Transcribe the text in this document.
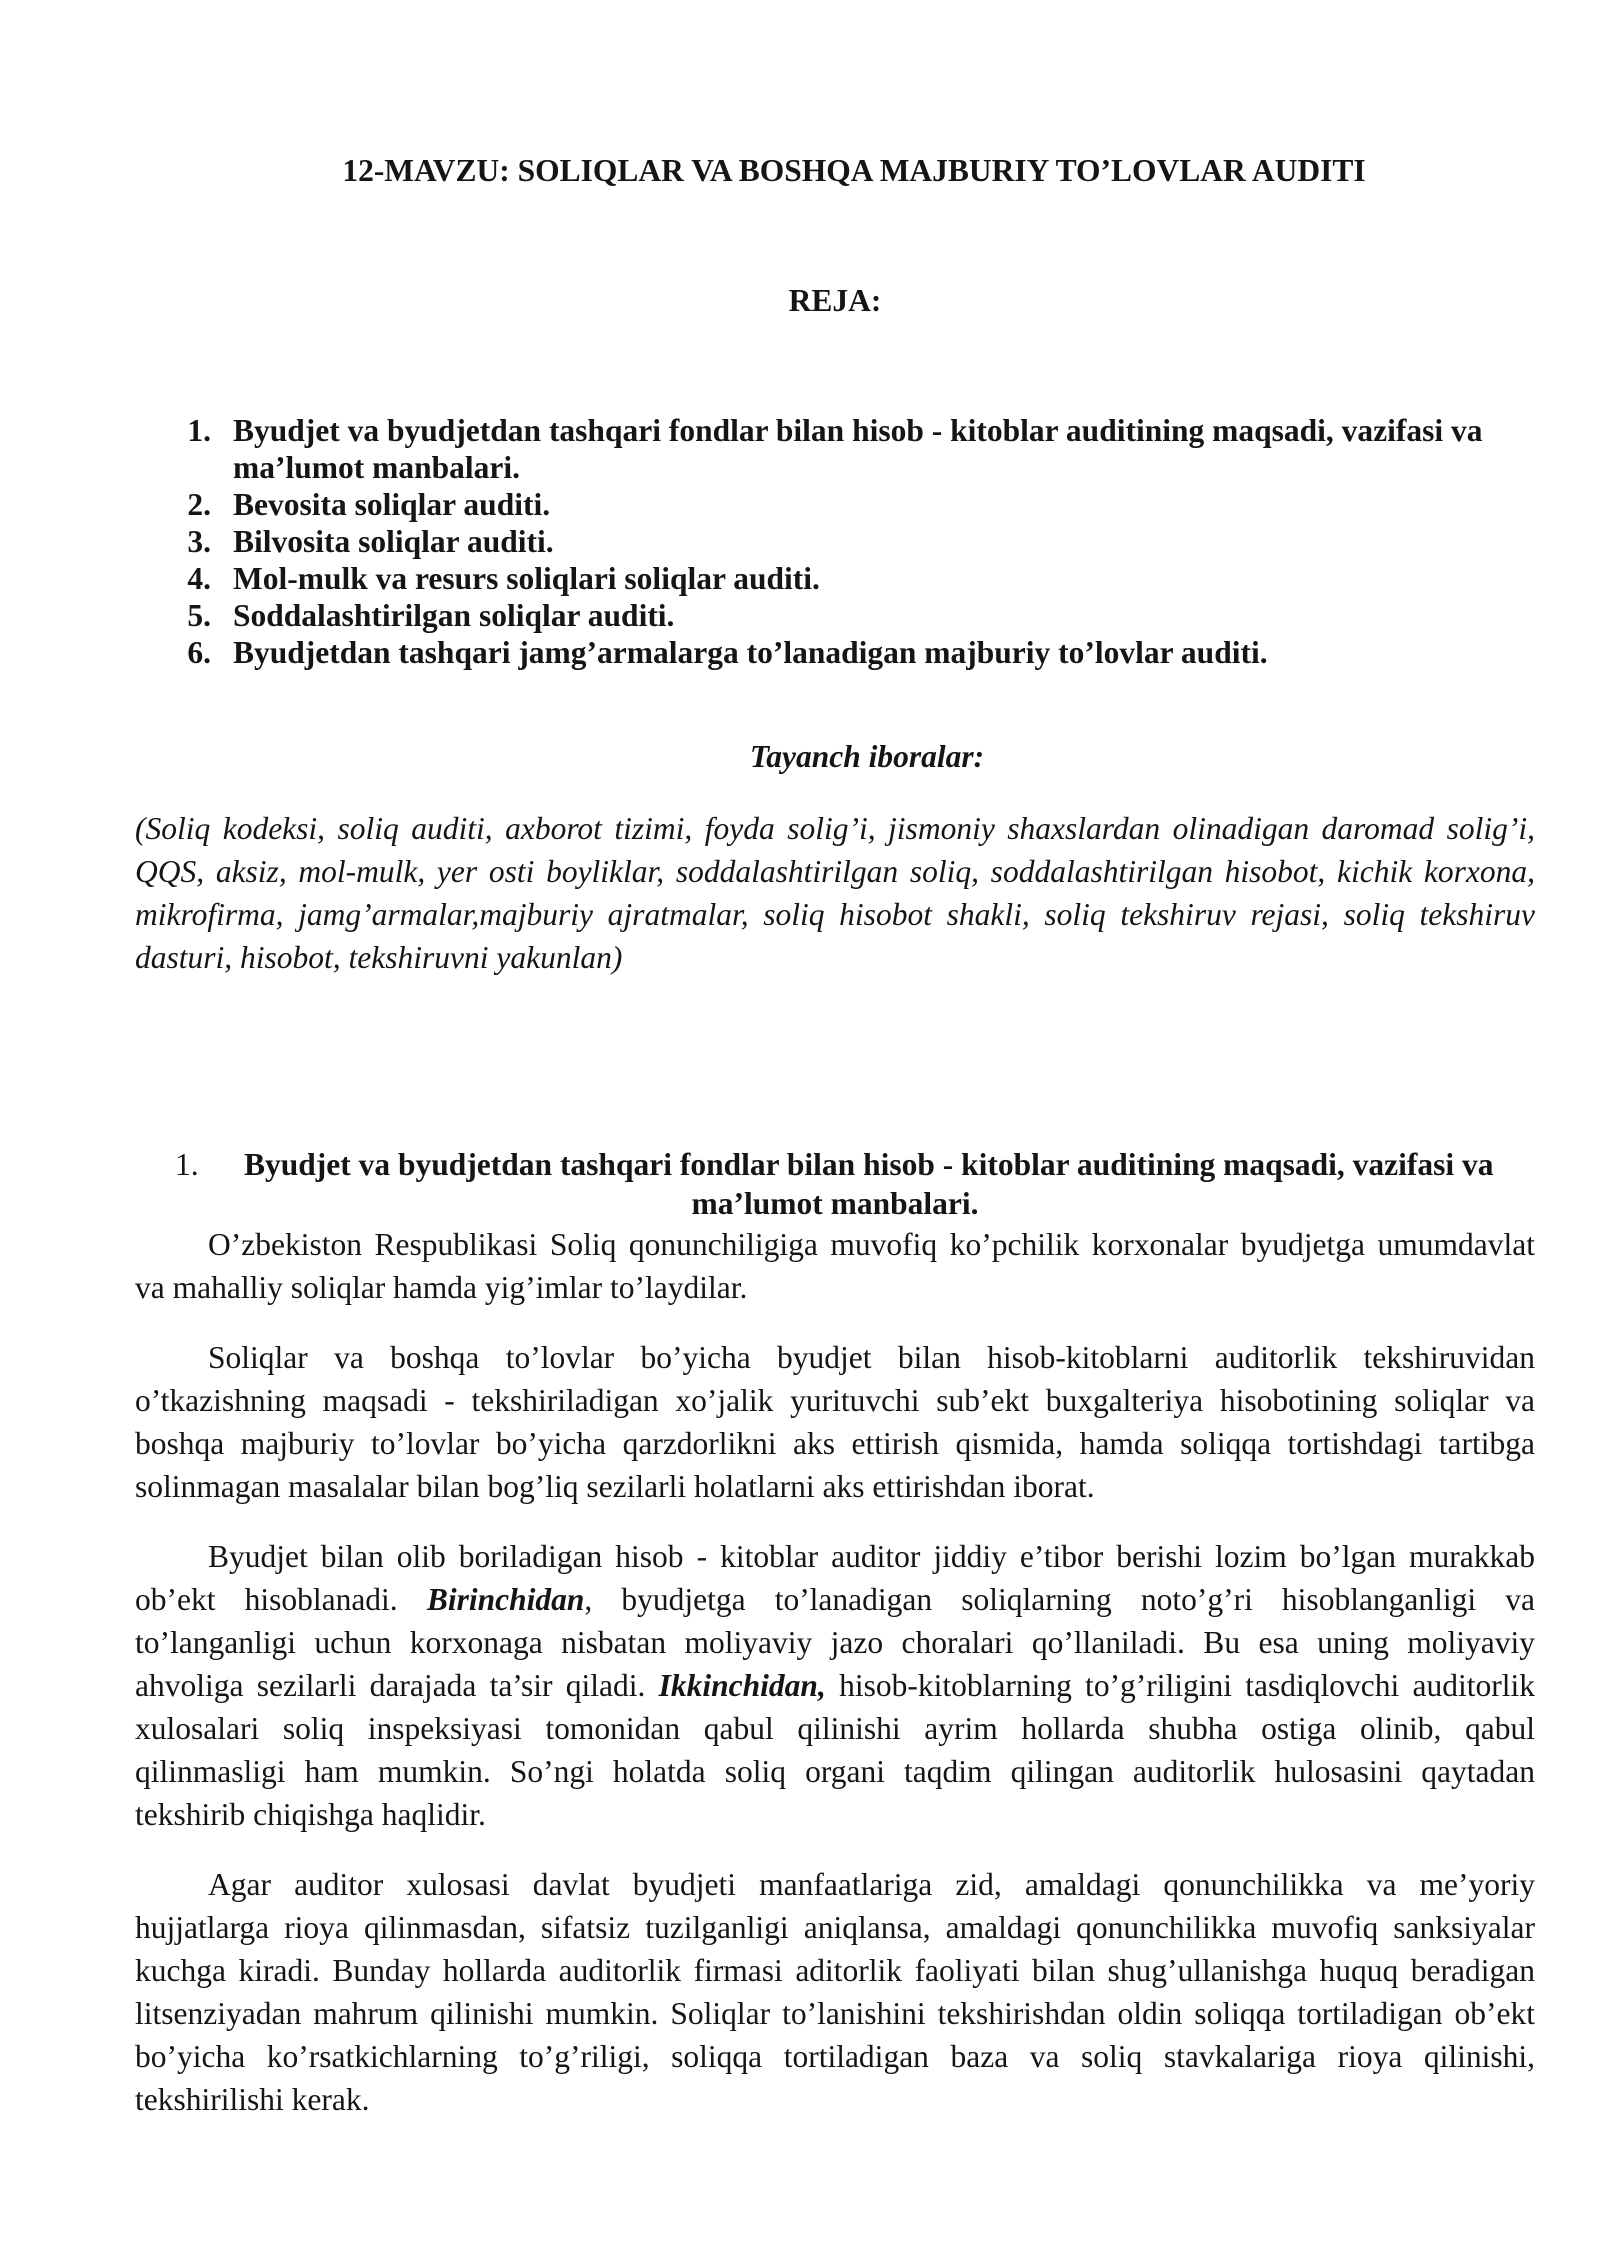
12-MAVZU: SOLIQLAR VA BOSHQA MAJBURIY TO’LOVLAR AUDITI
REJA:
1. Byudjet va byudjetdan tashqari fondlar bilan hisob - kitoblar auditining maqsadi, vazifasi va
ma’lumot manbalari.
2. Bevosita soliqlar auditi.
3. Bilvosita soliqlar auditi.
4. Mol-mulk va resurs soliqlari soliqlar auditi.
5. Soddalashtirilgan soliqlar auditi.
6. Byudjetdan tashqari jamg’armalarga to’lanadigan majburiy to’lovlar auditi.
Tayanch iboralar:
(Soliq kodeksi, soliq auditi, axborot tizimi, foyda solig’i, jismoniy shaxslardan olinadigan daromad solig’i,
QQS, aksiz, mol-mulk, yer osti boyliklar, soddalashtirilgan soliq, soddalashtirilgan hisobot, kichik korxona,
mikrofirma, jamg’armalar,majburiy ajratmalar, soliq hisobot shakli, soliq tekshiruv rejasi, soliq tekshiruv
dasturi, hisobot, tekshiruvni yakunlan)
1. Byudjet va byudjetdan tashqari fondlar bilan hisob - kitoblar auditining maqsadi, vazifasi va
ma’lumot manbalari.
O’zbekiston Respublikasi Soliq qonunchiligiga muvofiq ko’pchilik korxonalar byudjetga umumdavlat
va mahalliy soliqlar hamda yig’imlar to’laydilar.
Soliqlar va boshqa to’lovlar bo’yicha byudjet bilan hisob-kitoblarni auditorlik tekshiruvidan
o’tkazishning maqsadi - tekshiriladigan xo’jalik yurituvchi sub’ekt buxgalteriya hisobotining soliqlar va
boshqa majburiy to’lovlar bo’yicha qarzdorlikni aks ettirish qismida, hamda soliqqa tortishdagi tartibga
solinmagan masalalar bilan bog’liq sezilarli holatlarni aks ettirishdan iborat.
Byudjet bilan olib boriladigan hisob - kitoblar auditor jiddiy e’tibor berishi lozim bo’lgan murakkab
ob’ekt hisoblanadi. Birinchidan, byudjetga to’lanadigan soliqlarning noto’g’ri hisoblanganligi va
to’langanligi uchun korxonaga nisbatan moliyaviy jazo choralari qo’llaniladi. Bu esa uning moliyaviy
ahvoliga sezilarli darajada ta’sir qiladi. Ikkinchidan, hisob-kitoblarning to’g’riligini tasdiqlovchi auditorlik
xulosalari soliq inspeksiyasi tomonidan qabul qilinishi ayrim hollarda shubha ostiga olinib, qabul
qilinmasligi ham mumkin. So’ngi holatda soliq organi taqdim qilingan auditorlik hulosasini qaytadan
tekshirib chiqishga haqlidir.
Agar auditor xulosasi davlat byudjeti manfaatlariga zid, amaldagi qonunchilikka va me’yoriy
hujjatlarga rioya qilinmasdan, sifatsiz tuzilganligi aniqlansa, amaldagi qonunchilikka muvofiq sanksiyalar
kuchga kiradi. Bunday hollarda auditorlik firmasi aditorlik faoliyati bilan shug’ullanishga huquq beradigan
litsenziyadan mahrum qilinishi mumkin. Soliqlar to’lanishini tekshirishdan oldin soliqqa tortiladigan ob’ekt
bo’yicha ko’rsatkichlarning to’g’riligi, soliqqa tortiladigan baza va soliq stavkalariga rioya qilinishi,
tekshirilishi kerak.
